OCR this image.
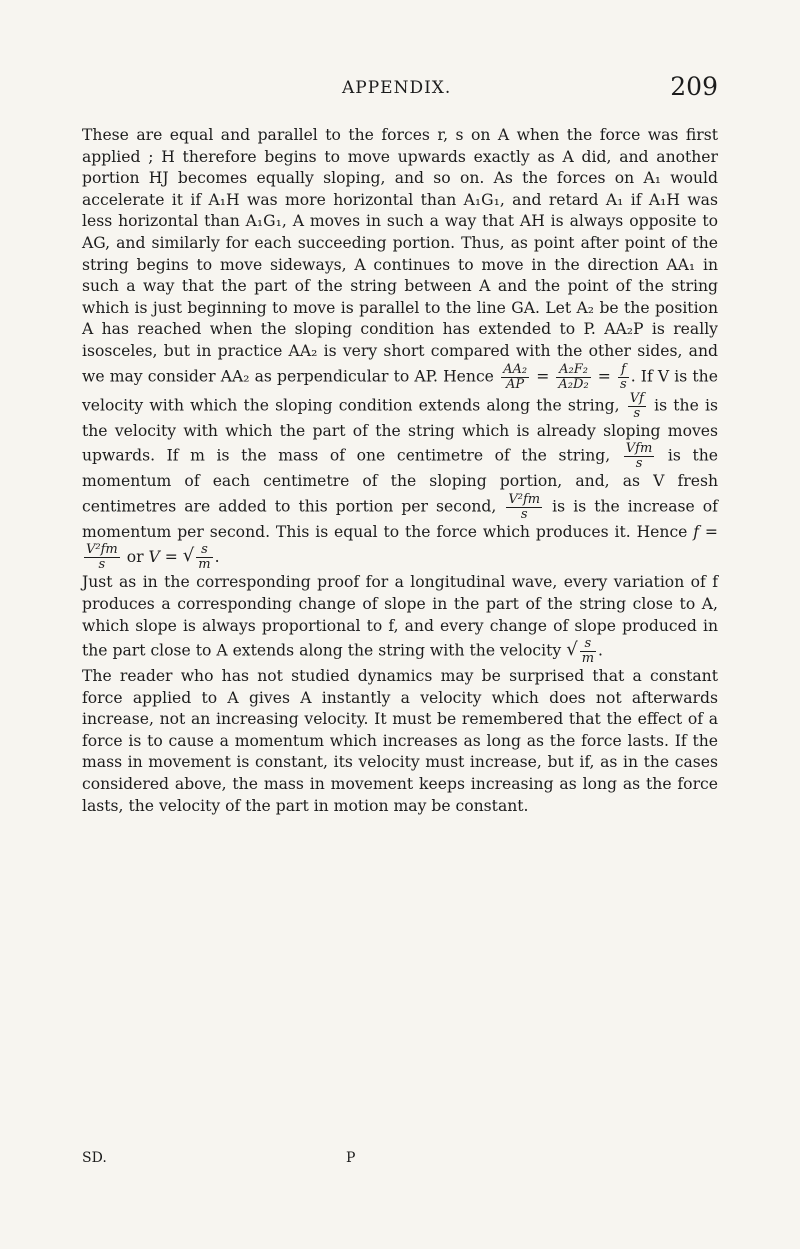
APPENDIX.	209

These are equal and parallel to the forces r, s on A when the force was first applied ; H therefore begins to move upwards exactly as A did, and another portion HJ becomes equally sloping, and so on. As the forces on A₁ would accelerate it if A₁H was more horizontal than A₁G₁, and retard A₁ if A₁H was less horizontal than A₁G₁, A moves in such a way that AH is always opposite to AG, and similarly for each succeeding portion. Thus, as point after point of the string begins to move sideways, A continues to move in the direction AA₁ in such a way that the part of the string between A and the point of the string which is just beginning to move is parallel to the line GA. Let A₂ be the position A has reached when the sloping condition has extended to P. AA₂P is really isosceles, but in practice AA₂ is very short compared with the other sides, and we may consider AA₂ as perpendicular to AP. Hence $\frac{\text{AA₂}}{AP} = \frac{\text{A₂F₂}}{\text{A₂D₂}} = \frac{f}{s}$ . If V is the velocity with which the sloping condition extends along the string, $\frac{Vf}{s}$ is the is the velocity with which the part of the string which is already sloping moves upwards. If m is the mass of one centimetre of the string, $\frac{\text{Vfm}}{s}$ is the momentum of each centimetre of the sloping portion, and, as V fresh centimetres are added to this portion per second, $\frac{\text{V²fm}}{s}$ is is the increase of momentum per second. This is equal to the force which produces it. Hence f =
$\frac{\text{V²fm}}{s}$ or V = √ $\frac{s}{m}$ .

Just as in the corresponding proof for a longitudinal wave, every variation of f produces a corresponding change of slope in the part of the string close to A, which slope is always proportional to f, and every change of slope produced in the part close to A extends along the string with the velocity √ $\frac{s}{m}$ .

The reader who has not studied dynamics may be surprised that a constant force applied to A gives A instantly a velocity which does not afterwards increase, not an increasing velocity. It must be remembered that the effect of a force is to cause a momentum which increases as long as the force lasts. If the mass in movement is constant, its velocity must increase, but if, as in the cases considered above, the mass in movement keeps increasing as long as the force lasts, the velocity of the part in motion may be constant.

SD.	P
